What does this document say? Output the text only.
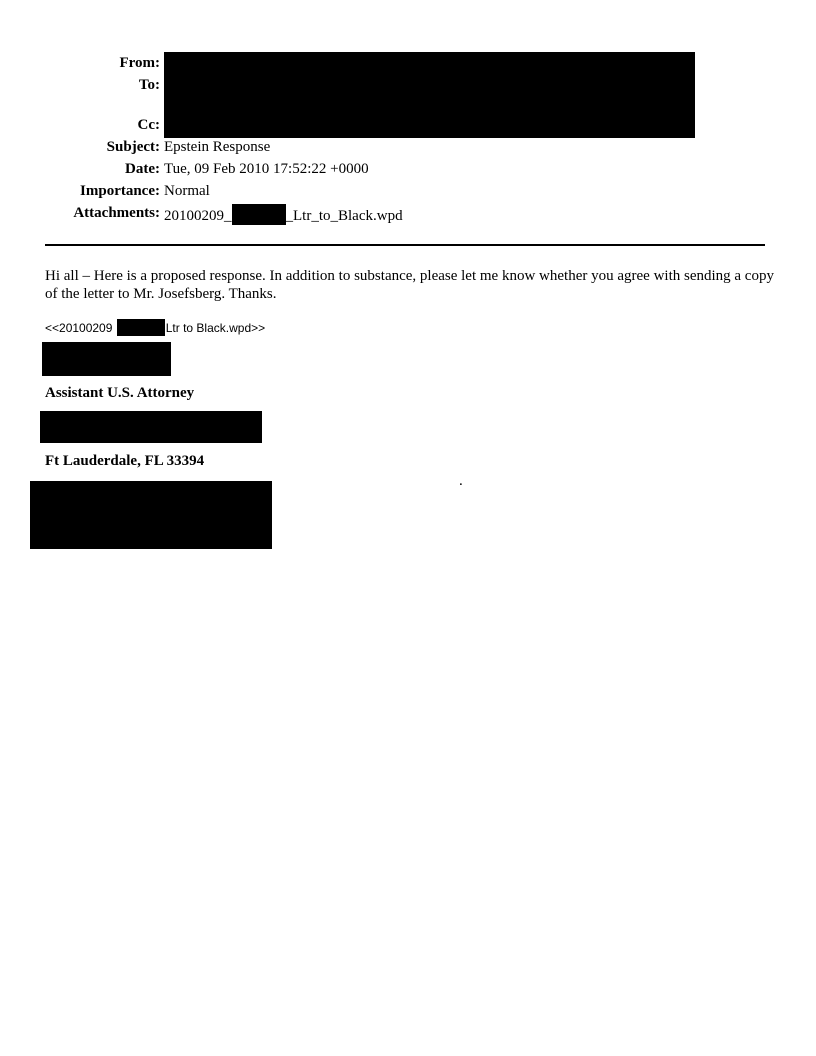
From:
To:
Cc:
Subject:
Date:
Importance:
Attachments:
Epstein Response
Tue, 09 Feb 2010 17:52:22 +0000
Normal
20100209_	_Ltr_to_Black.wpd
Hi all – Here is a proposed response. In addition to substance, please let me know whether you agree with sending a copy of the letter to Mr. Josefsberg. Thanks.
<<20100209	Ltr to Black.wpd>>
Assistant U.S. Attorney
Ft Lauderdale, FL 33394
.
